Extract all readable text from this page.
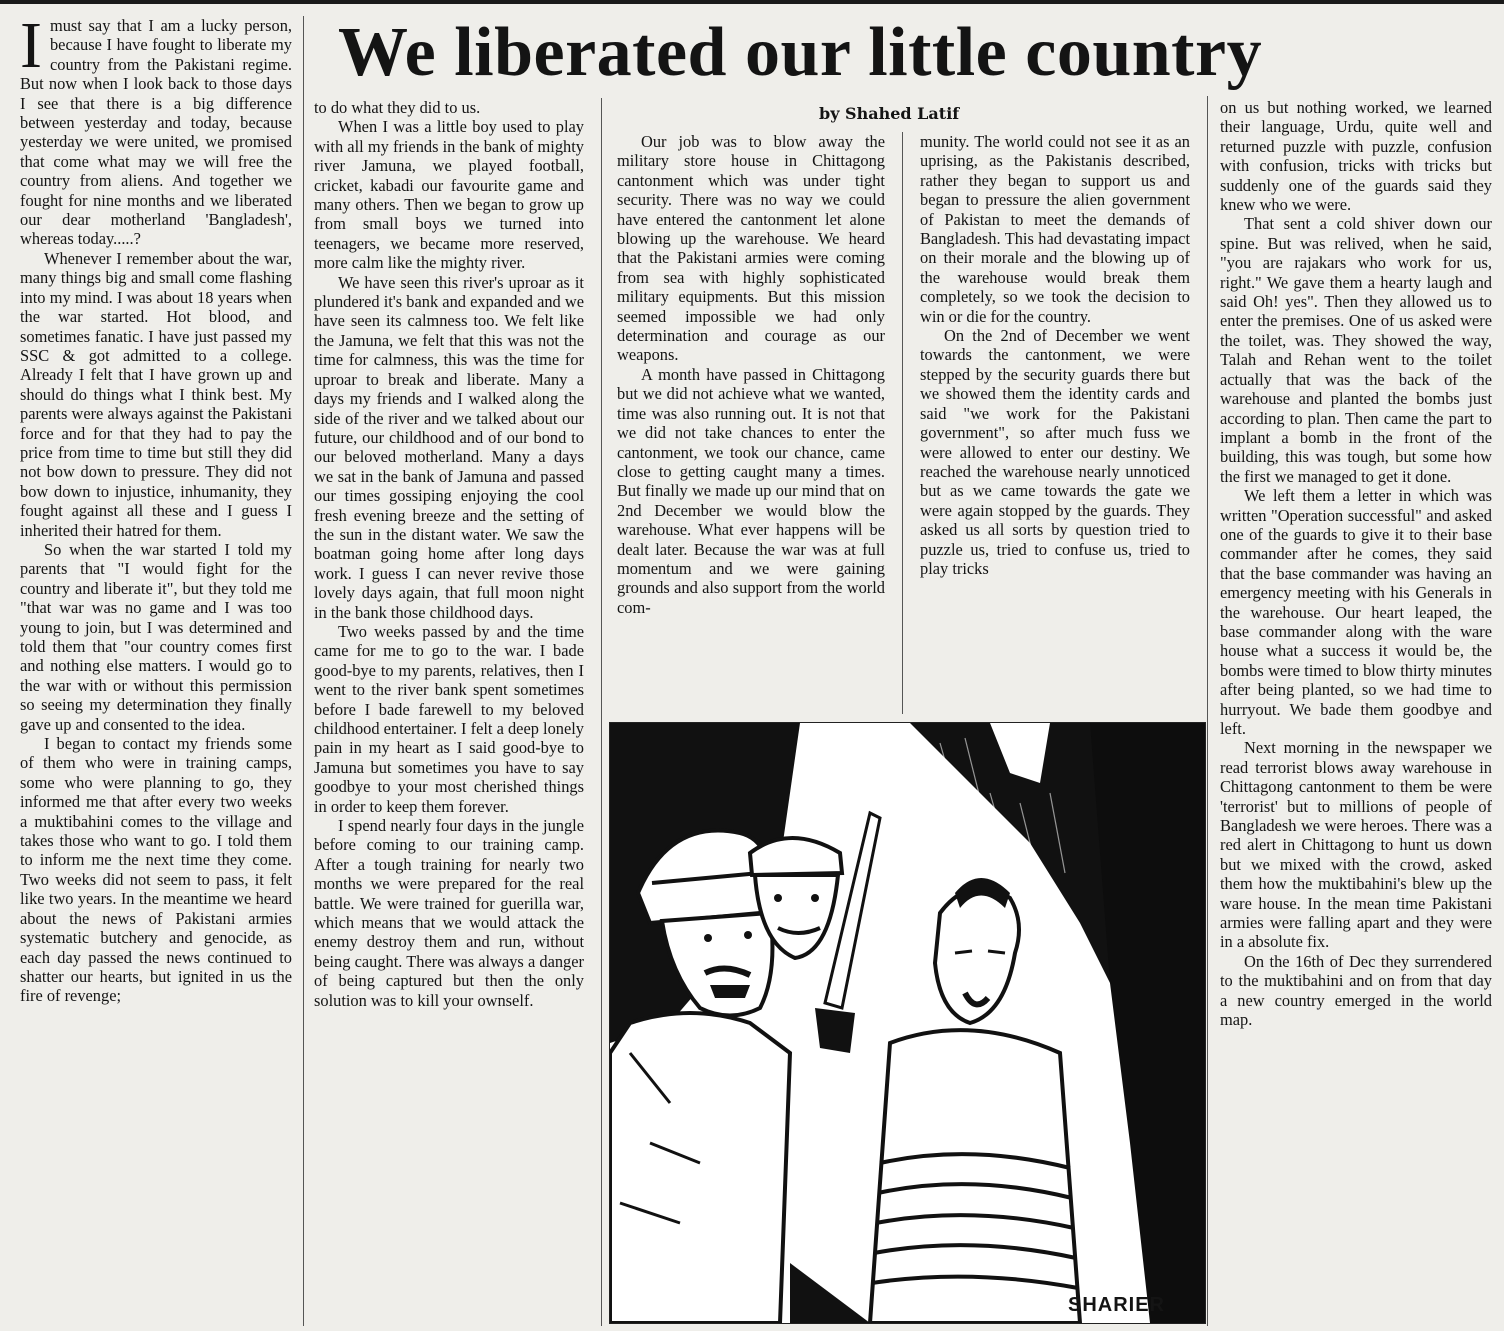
We liberated our little country
by Shahed Latif
I must say that I am a lucky person, because I have fought to liberate my country from the Pakistani regime. But now when I look back to those days I see that there is a big difference between yesterday and today, because yesterday we were united, we promised that come what may we will free the country from aliens. And together we fought for nine months and we liberated our dear motherland 'Bangladesh', whereas today.....?

Whenever I remember about the war, many things big and small come flashing into my mind. I was about 18 years when the war started. Hot blood, and sometimes fanatic. I have just passed my SSC & got admitted to a college. Already I felt that I have grown up and should do things what I think best. My parents were always against the Pakistani force and for that they had to pay the price from time to time but still they did not bow down to pressure. They did not bow down to injustice, inhumanity, they fought against all these and I guess I inherited their hatred for them.

So when the war started I told my parents that "I would fight for the country and liberate it", but they told me "that war was no game and I was too young to join, but I was determined and told them that "our country comes first and nothing else matters. I would go to the war with or without this permission so seeing my determination they finally gave up and consented to the idea.

I began to contact my friends some of them who were in training camps, some who were planning to go, they informed me that after every two weeks a muktibahini comes to the village and takes those who want to go. I told them to inform me the next time they come. Two weeks did not seem to pass, it felt like two years. In the meantime we heard about the news of Pakistani armies systematic butchery and genocide, as each day passed the news continued to shatter our hearts, but ignited in us the fire of revenge;

to do what they did to us.

When I was a little boy used to play with all my friends in the bank of mighty river Jamuna, we played football, cricket, kabadi our favourite game and many others. Then we began to grow up from small boys we turned into teenagers, we became more reserved, more calm like the mighty river.

We have seen this river's uproar as it plundered it's bank and expanded and we have seen its calmness too. We felt like the Jamuna, we felt that this was not the time for calmness, this was the time for uproar to break and liberate. Many a days my friends and I walked along the side of the river and we talked about our future, our childhood and of our bond to our beloved motherland. Many a days we sat in the bank of Jamuna and passed our times gossiping enjoying the cool fresh evening breeze and the setting of the sun in the distant water. We saw the boatman going home after long days work. I guess I can never revive those lovely days again, that full moon night in the bank those childhood days.

Two weeks passed by and the time came for me to go to the war. I bade good-bye to my parents, relatives, then I went to the river bank spent sometimes before I bade farewell to my beloved childhood entertainer. I felt a deep lonely pain in my heart as I said good-bye to Jamuna but sometimes you have to say goodbye to your most cherished things in order to keep them forever.

I spend nearly four days in the jungle before coming to our training camp. After a tough training for nearly two months we were prepared for the real battle. We were trained for guerilla war, which means that we would attack the enemy destroy them and run, without being caught. There was always a danger of being captured but then the only solution was to kill your ownself.

Our job was to blow away the military store house in Chittagong cantonment which was under tight security. There was no way we could have entered the cantonment let alone blowing up the warehouse. We heard that the Pakistani armies were coming from sea with highly sophisticated military equipments. But this mission seemed impossible we had only determination and courage as our weapons.

A month have passed in Chittagong but we did not achieve what we wanted, time was also running out. It is not that we did not take chances to enter the cantonment, we took our chance, came close to getting caught many a times. But finally we made up our mind that on 2nd December we would blow the warehouse. What ever happens will be dealt later. Because the war was at full momentum and we were gaining grounds and also support from the world com-

munity. The world could not see it as an uprising, as the Pakistanis described, rather they began to support us and began to pressure the alien government of Pakistan to meet the demands of Bangladesh. This had devastating impact on their morale and the blowing up of the warehouse would break them completely, so we took the decision to win or die for the country.

On the 2nd of December we went towards the cantonment, we were stepped by the security guards there but we showed them the identity cards and said "we work for the Pakistani government", so after much fuss we were allowed to enter our destiny. We reached the warehouse nearly unnoticed but as we came towards the gate we were again stopped by the guards. They asked us all sorts by question tried to puzzle us, tried to confuse us, tried to play tricks

on us but nothing worked, we learned their language, Urdu, quite well and returned puzzle with puzzle, confusion with confusion, tricks with tricks but suddenly one of the guards said they knew who we were.

That sent a cold shiver down our spine. But was relived, when he said, "you are rajakars who work for us, right." We gave them a hearty laugh and said Oh! yes". Then they allowed us to enter the premises. One of us asked were the toilet, was. They showed the way, Talah and Rehan went to the toilet actually that was the back of the warehouse and planted the bombs just according to plan. Then came the part to implant a bomb in the front of the building, this was tough, but some how the first we managed to get it done.

We left them a letter in which was written "Operation successful" and asked one of the guards to give it to their base commander after he comes, they said that the base commander was having an emergency meeting with his Generals in the warehouse. Our heart leaped, the base commander along with the ware house what a success it would be, the bombs were timed to blow thirty minutes after being planted, so we had time to hurryout. We bade them goodbye and left.

Next morning in the newspaper we read terrorist blows away warehouse in Chittagong cantonment to them be were 'terrorist' but to millions of people of Bangladesh we were heroes. There was a red alert in Chittagong to hunt us down but we mixed with the crowd, asked them how the muktibahini's blew up the ware house. In the mean time Pakistani armies were falling apart and they were in a absolute fix.

On the 16th of Dec they surrendered to the muktibahini and on from that day a new country emerged in the world map.

SHARIER
